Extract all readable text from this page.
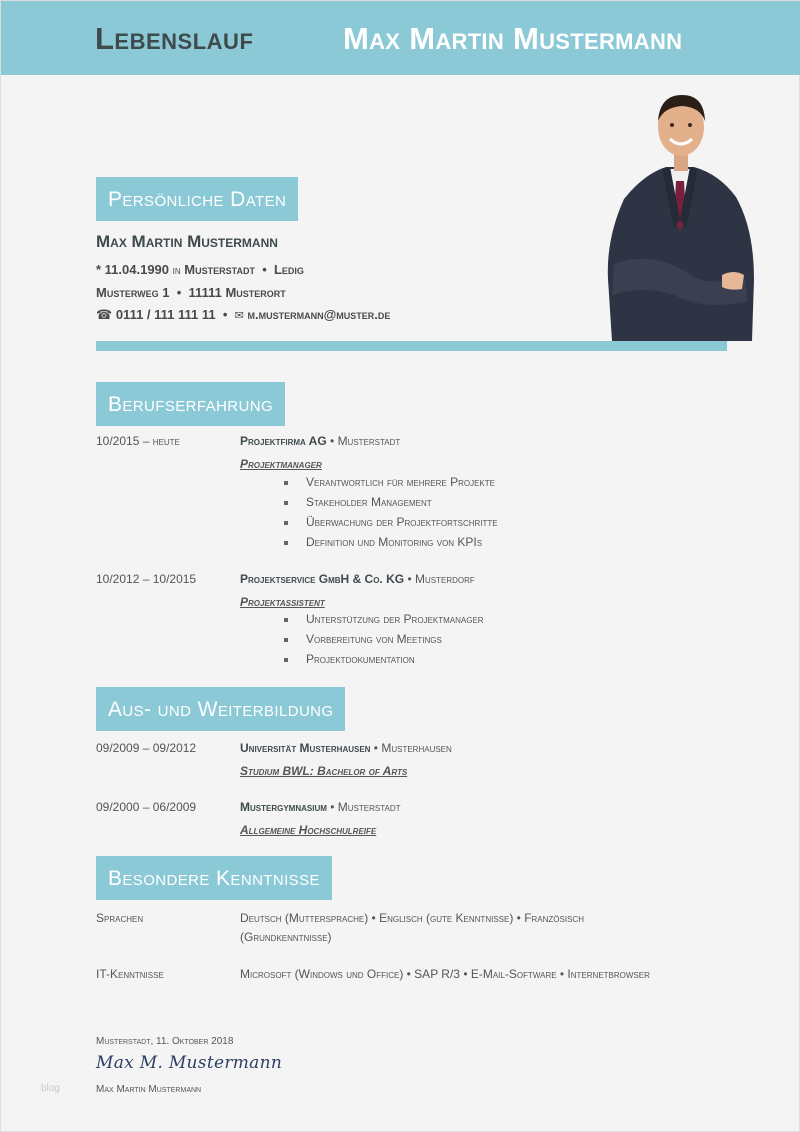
Lebenslauf	Max Martin Mustermann
Persönliche Daten
Max Martin Mustermann
* 11.04.1990 in Musterstadt  •  Ledig
Musterweg 1  •  11111 Musterort
☎ 0111 / 111 111 11  •  ✉ m.mustermann@muster.de
Berufserfahrung
10/2015 – heute	Projektfirma AG • Musterstadt
Projektmanager
Verantwortlich für mehrere Projekte
Stakeholder Management
Überwachung der Projektfortschritte
Definition und Monitoring von KPIs
10/2012 – 10/2015	Projektservice GmbH & Co. KG • Musterdorf
Projektassistent
Unterstützung der Projektmanager
Vorbereitung von Meetings
Projektdokumentation
Aus- und Weiterbildung
09/2009 – 09/2012	Universität Musterhausen • Musterhausen
Studium BWL: Bachelor of Arts
09/2000 – 06/2009	Mustergymnasium • Musterstadt
Allgemeine Hochschulreife
Besondere Kenntnisse
Sprachen	Deutsch (Muttersprache) • Englisch (gute Kenntnisse) • Französisch (Grundkenntnisse)
IT-Kenntnisse	Microsoft (Windows und Office) • SAP R/3 • E-Mail-Software • Internetbrowser
Musterstadt, 11. Oktober 2018
Max M. Mustermann
Max Martin Mustermann
blog
